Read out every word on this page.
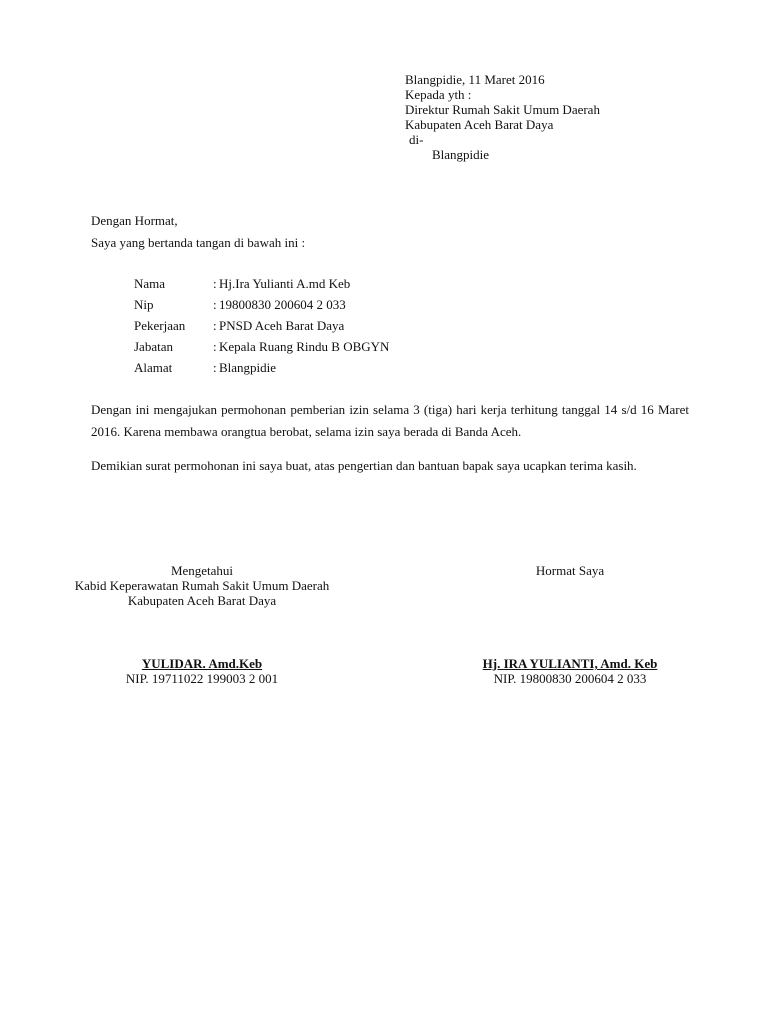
Blangpidie, 11 Maret 2016
Kepada yth :
Direktur Rumah Sakit Umum Daerah
Kabupaten Aceh Barat Daya
di-
Blangpidie
Dengan Hormat,
Saya yang bertanda tangan di bawah ini :
Nama	: Hj.Ira Yulianti A.md Keb
Nip	: 19800830 200604 2 033
Pekerjaan	: PNSD Aceh Barat Daya
Jabatan	: Kepala Ruang Rindu B OBGYN
Alamat	: Blangpidie

Dengan ini mengajukan permohonan pemberian izin selama 3 (tiga) hari kerja terhitung tanggal 14 s/d 16 Maret 2016. Karena membawa orangtua berobat, selama izin saya berada di Banda Aceh.

Demikian surat permohonan ini saya buat, atas pengertian dan bantuan bapak saya ucapkan terima kasih.

Mengetahui
Kabid Keperawatan Rumah Sakit Umum Daerah
Kabupaten Aceh Barat Daya
YULIDAR. Amd.Keb
NIP. 19711022 199003 2 001
Hormat Saya
Hj. IRA YULIANTI, Amd. Keb
NIP. 19800830 200604 2 033
